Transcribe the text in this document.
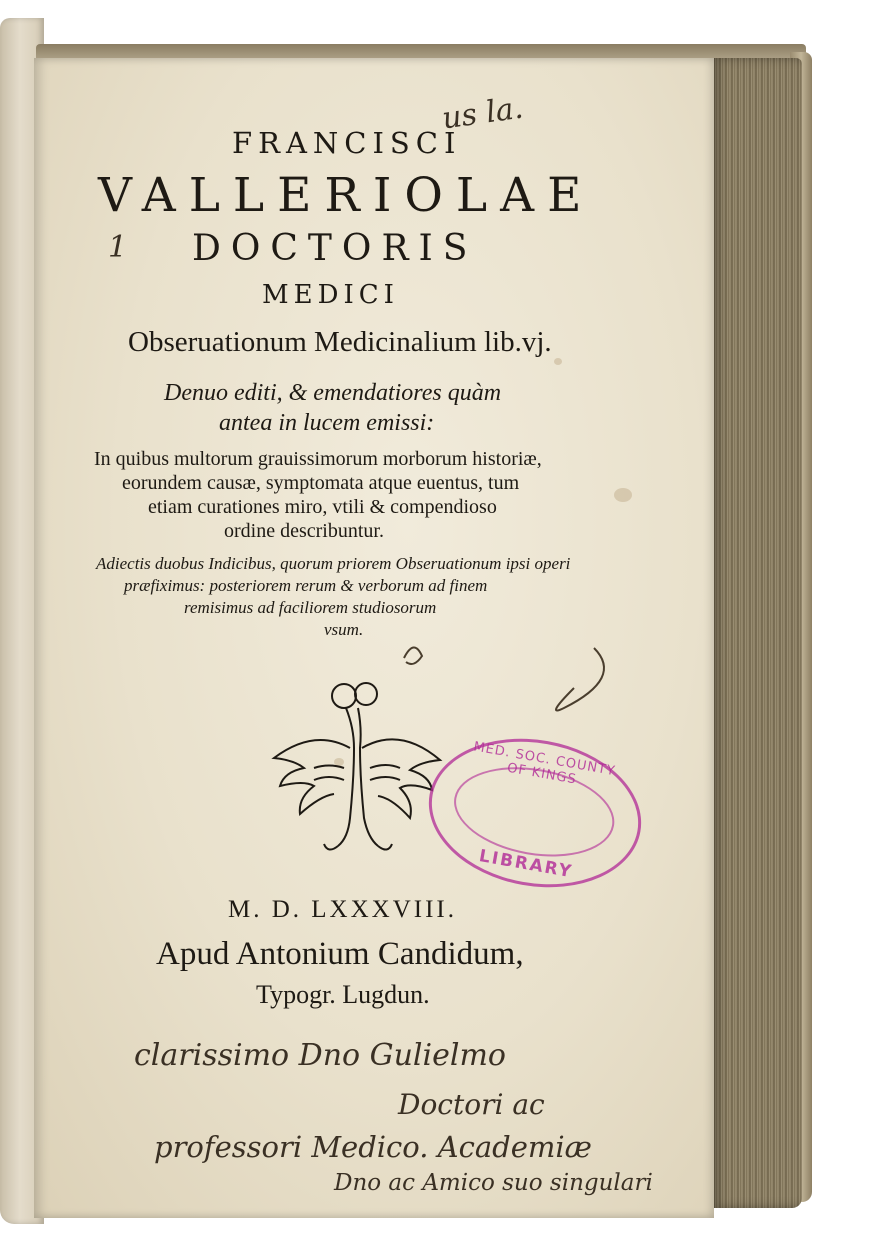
FRANCISCI
VALLERIOLAE
DOCTORIS
MEDICI
Obseruationum Medicinalium lib.vj.
Denuo editi, & emendatiores quàm
antea in lucem emissi:
In quibus multorum grauissimorum morborum historiæ,
eorundem causæ, symptomata atque euentus, tum
etiam curationes miro, vtili & compendioso
ordine describuntur.
Adiectis duobus Indicibus, quorum priorem Obseruationum ipsi operi
præfiximus: posteriorem rerum & verborum ad finem
remisimus ad faciliorem studiosorum
vsum.
M. D. LXXXVIII.
Apud Antonium Candidum,
Typogr. Lugdun.
us la.
1
clarissimo Dno Gulielmo
Doctori ac
professori Medico. Academiæ
Dno ac Amico suo singulari
MED. SOC. COUNTY OF KINGS
LIBRARY
